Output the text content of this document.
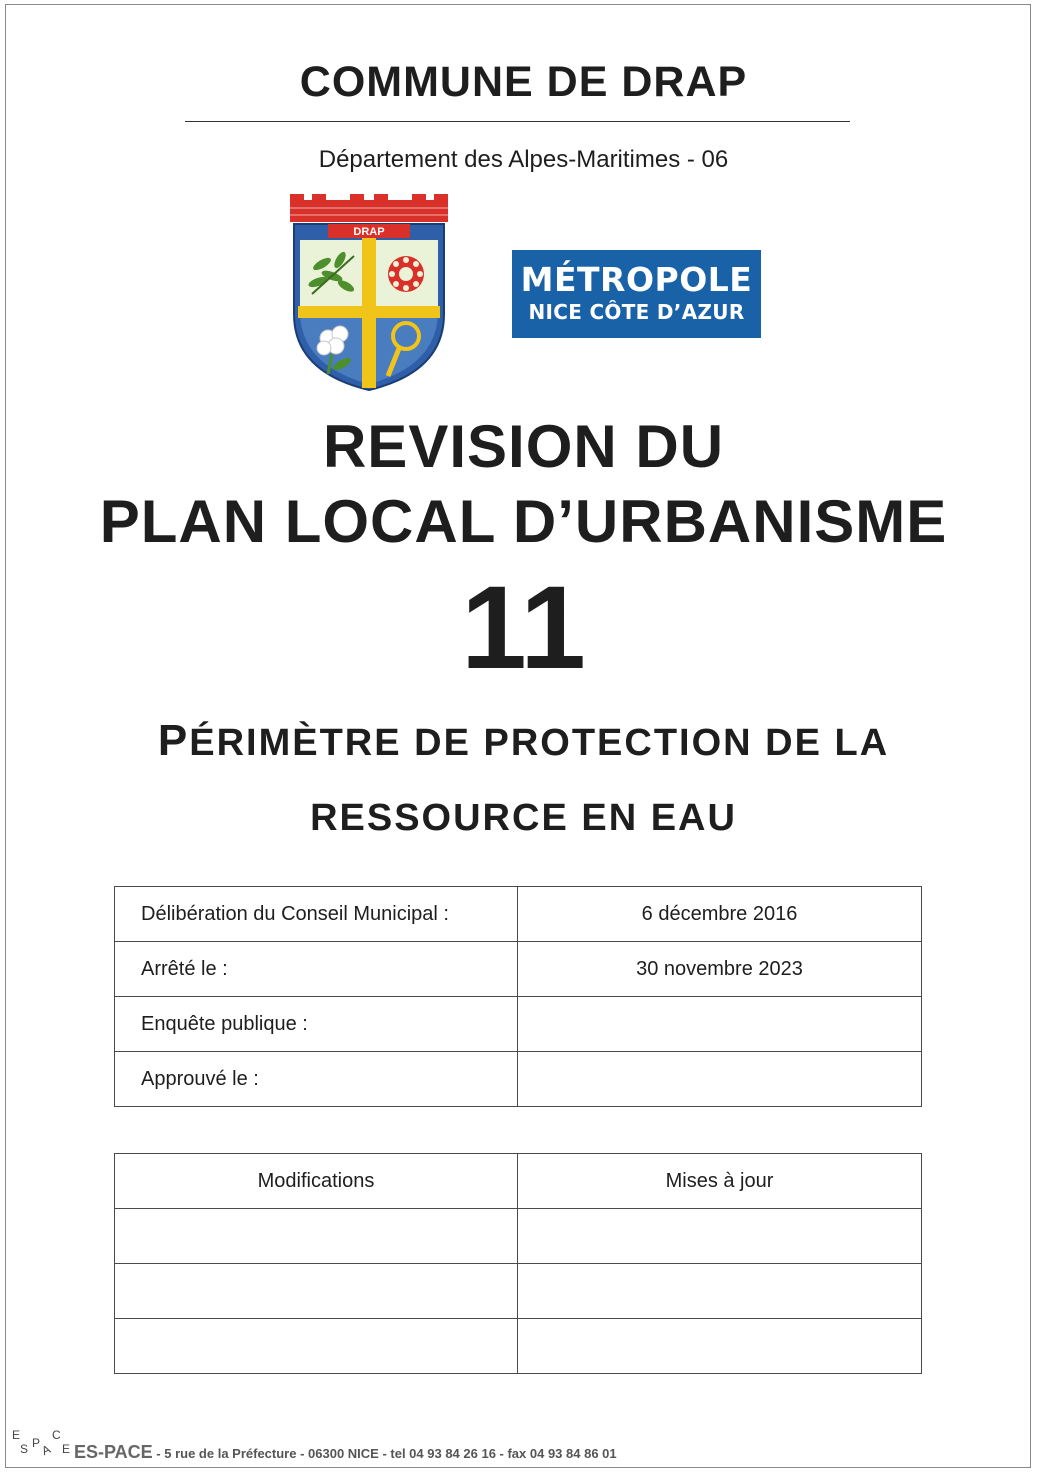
COMMUNE DE DRAP
Département des Alpes-Maritimes - 06
DRAP
MÉTROPOLE
NICE CÔTE D’AZUR
REVISION DU
PLAN LOCAL D’URBANISME
11
PÉRIMÈTRE DE PROTECTION DE LA
RESSOURCE EN EAU
Délibération du Conseil Municipal :	6 décembre 2016
Arrêté le :	30 novembre 2023
Enquête publique :	
Approuvé le :	
Modifications	Mises à jour

E
S P A
C
E ES-PACE - 5 rue de la Préfecture - 06300 NICE - tel 04 93 84 26 16 - fax 04 93 84 86 01
